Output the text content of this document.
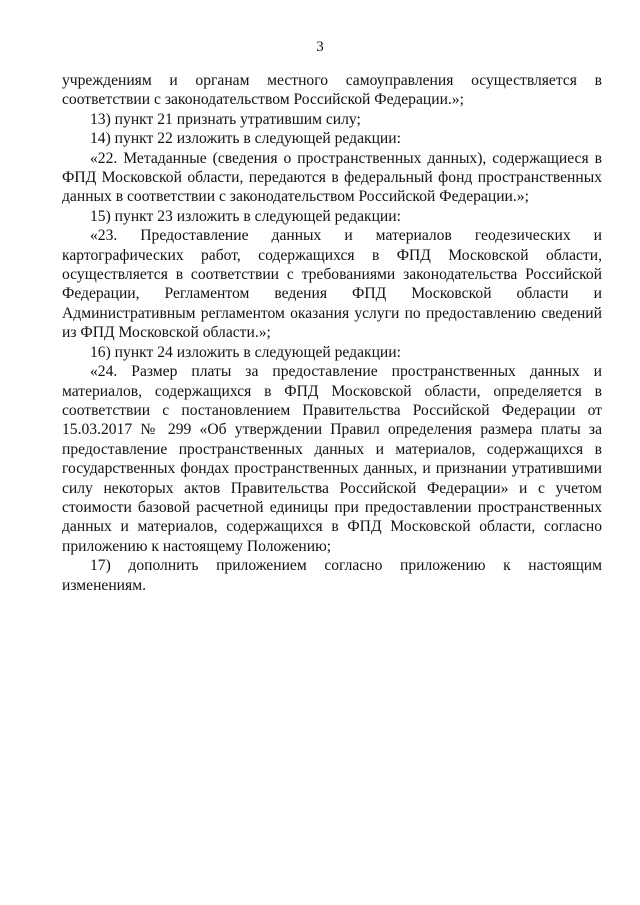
3

учреждениям и органам местного самоуправления осуществляется в соответствии с законодательством Российской Федерации.»;

13) пункт 21 признать утратившим силу;

14) пункт 22 изложить в следующей редакции:

«22. Метаданные (сведения о пространственных данных), содержащиеся в ФПД Московской области, передаются в федеральный фонд пространственных данных в соответствии с законодательством Российской Федерации.»;

15) пункт 23 изложить в следующей редакции:

«23. Предоставление данных и материалов геодезических и картографических работ, содержащихся в ФПД Московской области, осуществляется в соответствии с требованиями законодательства Российской Федерации, Регламентом ведения ФПД Московской области и Административным регламентом оказания услуги по предоставлению сведений из ФПД Московской области.»;

16) пункт 24 изложить в следующей редакции:

«24. Размер платы за предоставление пространственных данных и материалов, содержащихся в ФПД Московской области, определяется в соответствии с постановлением Правительства Российской Федерации от 15.03.2017 № 299 «Об утверждении Правил определения размера платы за предоставление пространственных данных и материалов, содержащихся в государственных фондах пространственных данных, и признании утратившими силу некоторых актов Правительства Российской Федерации» и с учетом стоимости базовой расчетной единицы при предоставлении пространственных данных и материалов, содержащихся в ФПД Московской области, согласно приложению к настоящему Положению;

17) дополнить приложением согласно приложению к настоящим изменениям.
